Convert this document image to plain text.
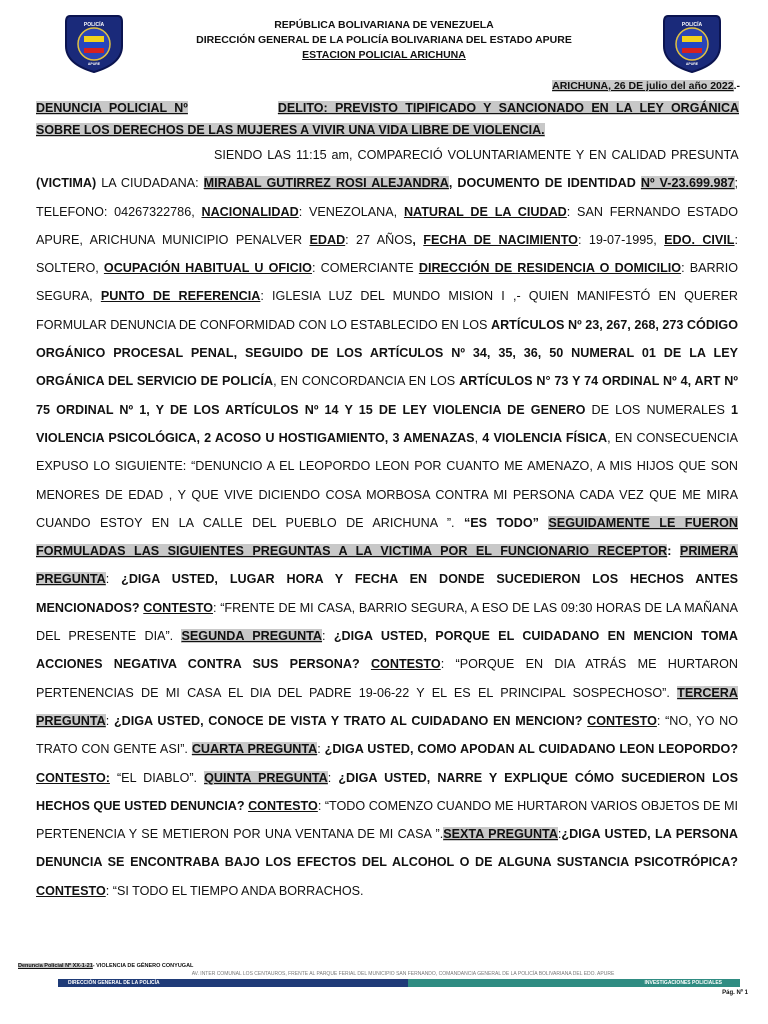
POLICÍA
APURE
POLICÍA
APURE
REPÚBLICA BOLIVARIANA DE VENEZUELA
DIRECCIÓN GENERAL DE LA POLICÍA BOLIVARIANA DEL ESTADO APURE
ESTACION POLICIAL ARICHUNA
ARICHUNA, 26 DE julio del año 2022.-
DENUNCIA POLICIAL Nº	DELITO: PREVISTO TIPIFICADO Y SANCIONADO EN LA LEY ORGÁNICA SOBRE LOS DERECHOS DE LAS MUJERES A VIVIR UNA VIDA LIBRE DE VIOLENCIA.
SIENDO LAS 11:15 am, COMPARECIÓ VOLUNTARIAMENTE Y EN CALIDAD PRESUNTA (VICTIMA) LA CIUDADANA: MIRABAL GUTIRREZ ROSI ALEJANDRA, DOCUMENTO DE IDENTIDAD Nº V-23.699.987; TELEFONO: 04267322786, NACIONALIDAD: VENEZOLANA, NATURAL DE LA CIUDAD: SAN FERNANDO ESTADO APURE, ARICHUNA MUNICIPIO PENALVER EDAD: 27 AÑOS, FECHA DE NACIMIENTO: 19-07-1995, EDO. CIVIL: SOLTERO, OCUPACIÓN HABITUAL U OFICIO: COMERCIANTE DIRECCIÓN DE RESIDENCIA O DOMICILIO: BARRIO SEGURA, PUNTO DE REFERENCIA: IGLESIA LUZ DEL MUNDO MISION I ,- QUIEN MANIFESTÓ EN QUERER FORMULAR DENUNCIA DE CONFORMIDAD CON LO ESTABLECIDO EN LOS ARTÍCULOS Nº 23, 267, 268, 273 CÓDIGO ORGÁNICO PROCESAL PENAL, SEGUIDO DE LOS ARTÍCULOS Nº 34, 35, 36, 50 NUMERAL 01 DE LA LEY ORGÁNICA DEL SERVICIO DE POLICÍA, EN CONCORDANCIA EN LOS ARTÍCULOS N° 73 Y 74 ORDINAL Nº 4, ART Nº 75 ORDINAL Nº 1, Y DE LOS ARTÍCULOS Nº 14 Y 15 DE LEY VIOLENCIA DE GENERO DE LOS NUMERALES 1 VIOLENCIA PSICOLÓGICA, 2 ACOSO U HOSTIGAMIENTO, 3 AMENAZAS, 4 VIOLENCIA FÍSICA, EN CONSECUENCIA EXPUSO LO SIGUIENTE: “DENUNCIO A EL LEOPORDO LEON POR CUANTO ME AMENAZO, A MIS HIJOS QUE SON MENORES DE EDAD , Y QUE VIVE DICIENDO COSA MORBOSA CONTRA MI PERSONA CADA VEZ QUE ME MIRA CUANDO ESTOY EN LA CALLE DEL PUEBLO DE ARICHUNA ”. “ES TODO” SEGUIDAMENTE LE FUERON FORMULADAS LAS SIGUIENTES PREGUNTAS A LA VICTIMA POR EL FUNCIONARIO RECEPTOR: PRIMERA PREGUNTA: ¿DIGA USTED, LUGAR HORA Y FECHA EN DONDE SUCEDIERON LOS HECHOS ANTES MENCIONADOS? CONTESTO: “FRENTE DE MI CASA, BARRIO SEGURA, A ESO DE LAS 09:30 HORAS DE LA MAÑANA DEL PRESENTE DIA”. SEGUNDA PREGUNTA: ¿DIGA USTED, PORQUE EL CUIDADANO EN MENCION TOMA ACCIONES NEGATIVA CONTRA SUS PERSONA? CONTESTO: “PORQUE EN DIA ATRÁS ME HURTARON PERTENENCIAS DE MI CASA EL DIA DEL PADRE 19-06-22 Y EL ES EL PRINCIPAL SOSPECHOSO”. TERCERA PREGUNTA: ¿DIGA USTED, CONOCE DE VISTA Y TRATO AL CUIDADANO EN MENCION? CONTESTO: “NO, YO NO TRATO CON GENTE ASI”. CUARTA PREGUNTA: ¿DIGA USTED, COMO APODAN AL CUIDADANO LEON LEOPORDO? CONTESTO: “EL DIABLO”. QUINTA PREGUNTA: ¿DIGA USTED, NARRE Y EXPLIQUE CÓMO SUCEDIERON LOS HECHOS QUE USTED DENUNCIA? CONTESTO: “TODO COMENZO CUANDO ME HURTARON VARIOS OBJETOS DE MI PERTENENCIA Y SE METIERON POR UNA VENTANA DE MI CASA ”.SEXTA PREGUNTA:¿DIGA USTED, LA PERSONA DENUNCIA SE ENCONTRABA BAJO LOS EFECTOS DEL ALCOHOL O DE ALGUNA SUSTANCIA PSICOTRÓPICA? CONTESTO: “SI TODO EL TIEMPO ANDA BORRACHOS.
Denuncia Policial Nº XX-1-21- VIOLENCIA DE GÉNERO CONYUGAL
AV. INTER COMUNAL LOS CENTAUROS, FRENTE AL PARQUE FERIAL DEL MUNICIPIO SAN FERNANDO, COMANDANCIA GENERAL DE LA POLICÍA BOLIVARIANA DEL EDO. APURE
DIRECCIÓN GENERAL DE LA POLICÍA	INVESTIGACIONES POLICIALES
Pág. Nº 1
